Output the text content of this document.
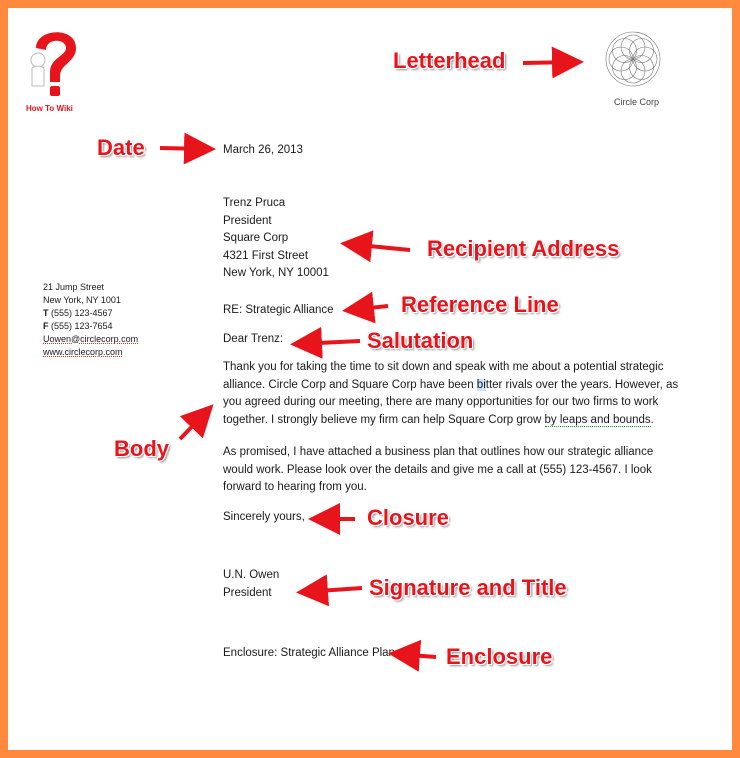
How To Wiki
Circle Corp
March 26, 2013
Trenz Pruca
President
Square Corp
4321 First Street
New York, NY 10001
21 Jump Street
New York, NY 1001
T (555) 123-4567
F (555) 123-7654
Uowen@circlecorp.com
www.circlecorp.com
RE: Strategic Alliance
Dear Trenz:
Thank you for taking the time to sit down and speak with me about a potential strategic alliance. Circle Corp and Square Corp have been bitter rivals over the years. However, as you agreed during our meeting, there are many opportunities for our two firms to work together. I strongly believe my firm can help Square Corp grow by leaps and bounds.
As promised, I have attached a business plan that outlines how our strategic alliance would work. Please look over the details and give me a call at (555) 123-4567. I look forward to hearing from you.
Sincerely yours,
U.N. Owen
President
Enclosure: Strategic Alliance Plan
Letterhead
Date
Recipient Address
Reference Line
Salutation
Body
Closure
Signature and Title
Enclosure
